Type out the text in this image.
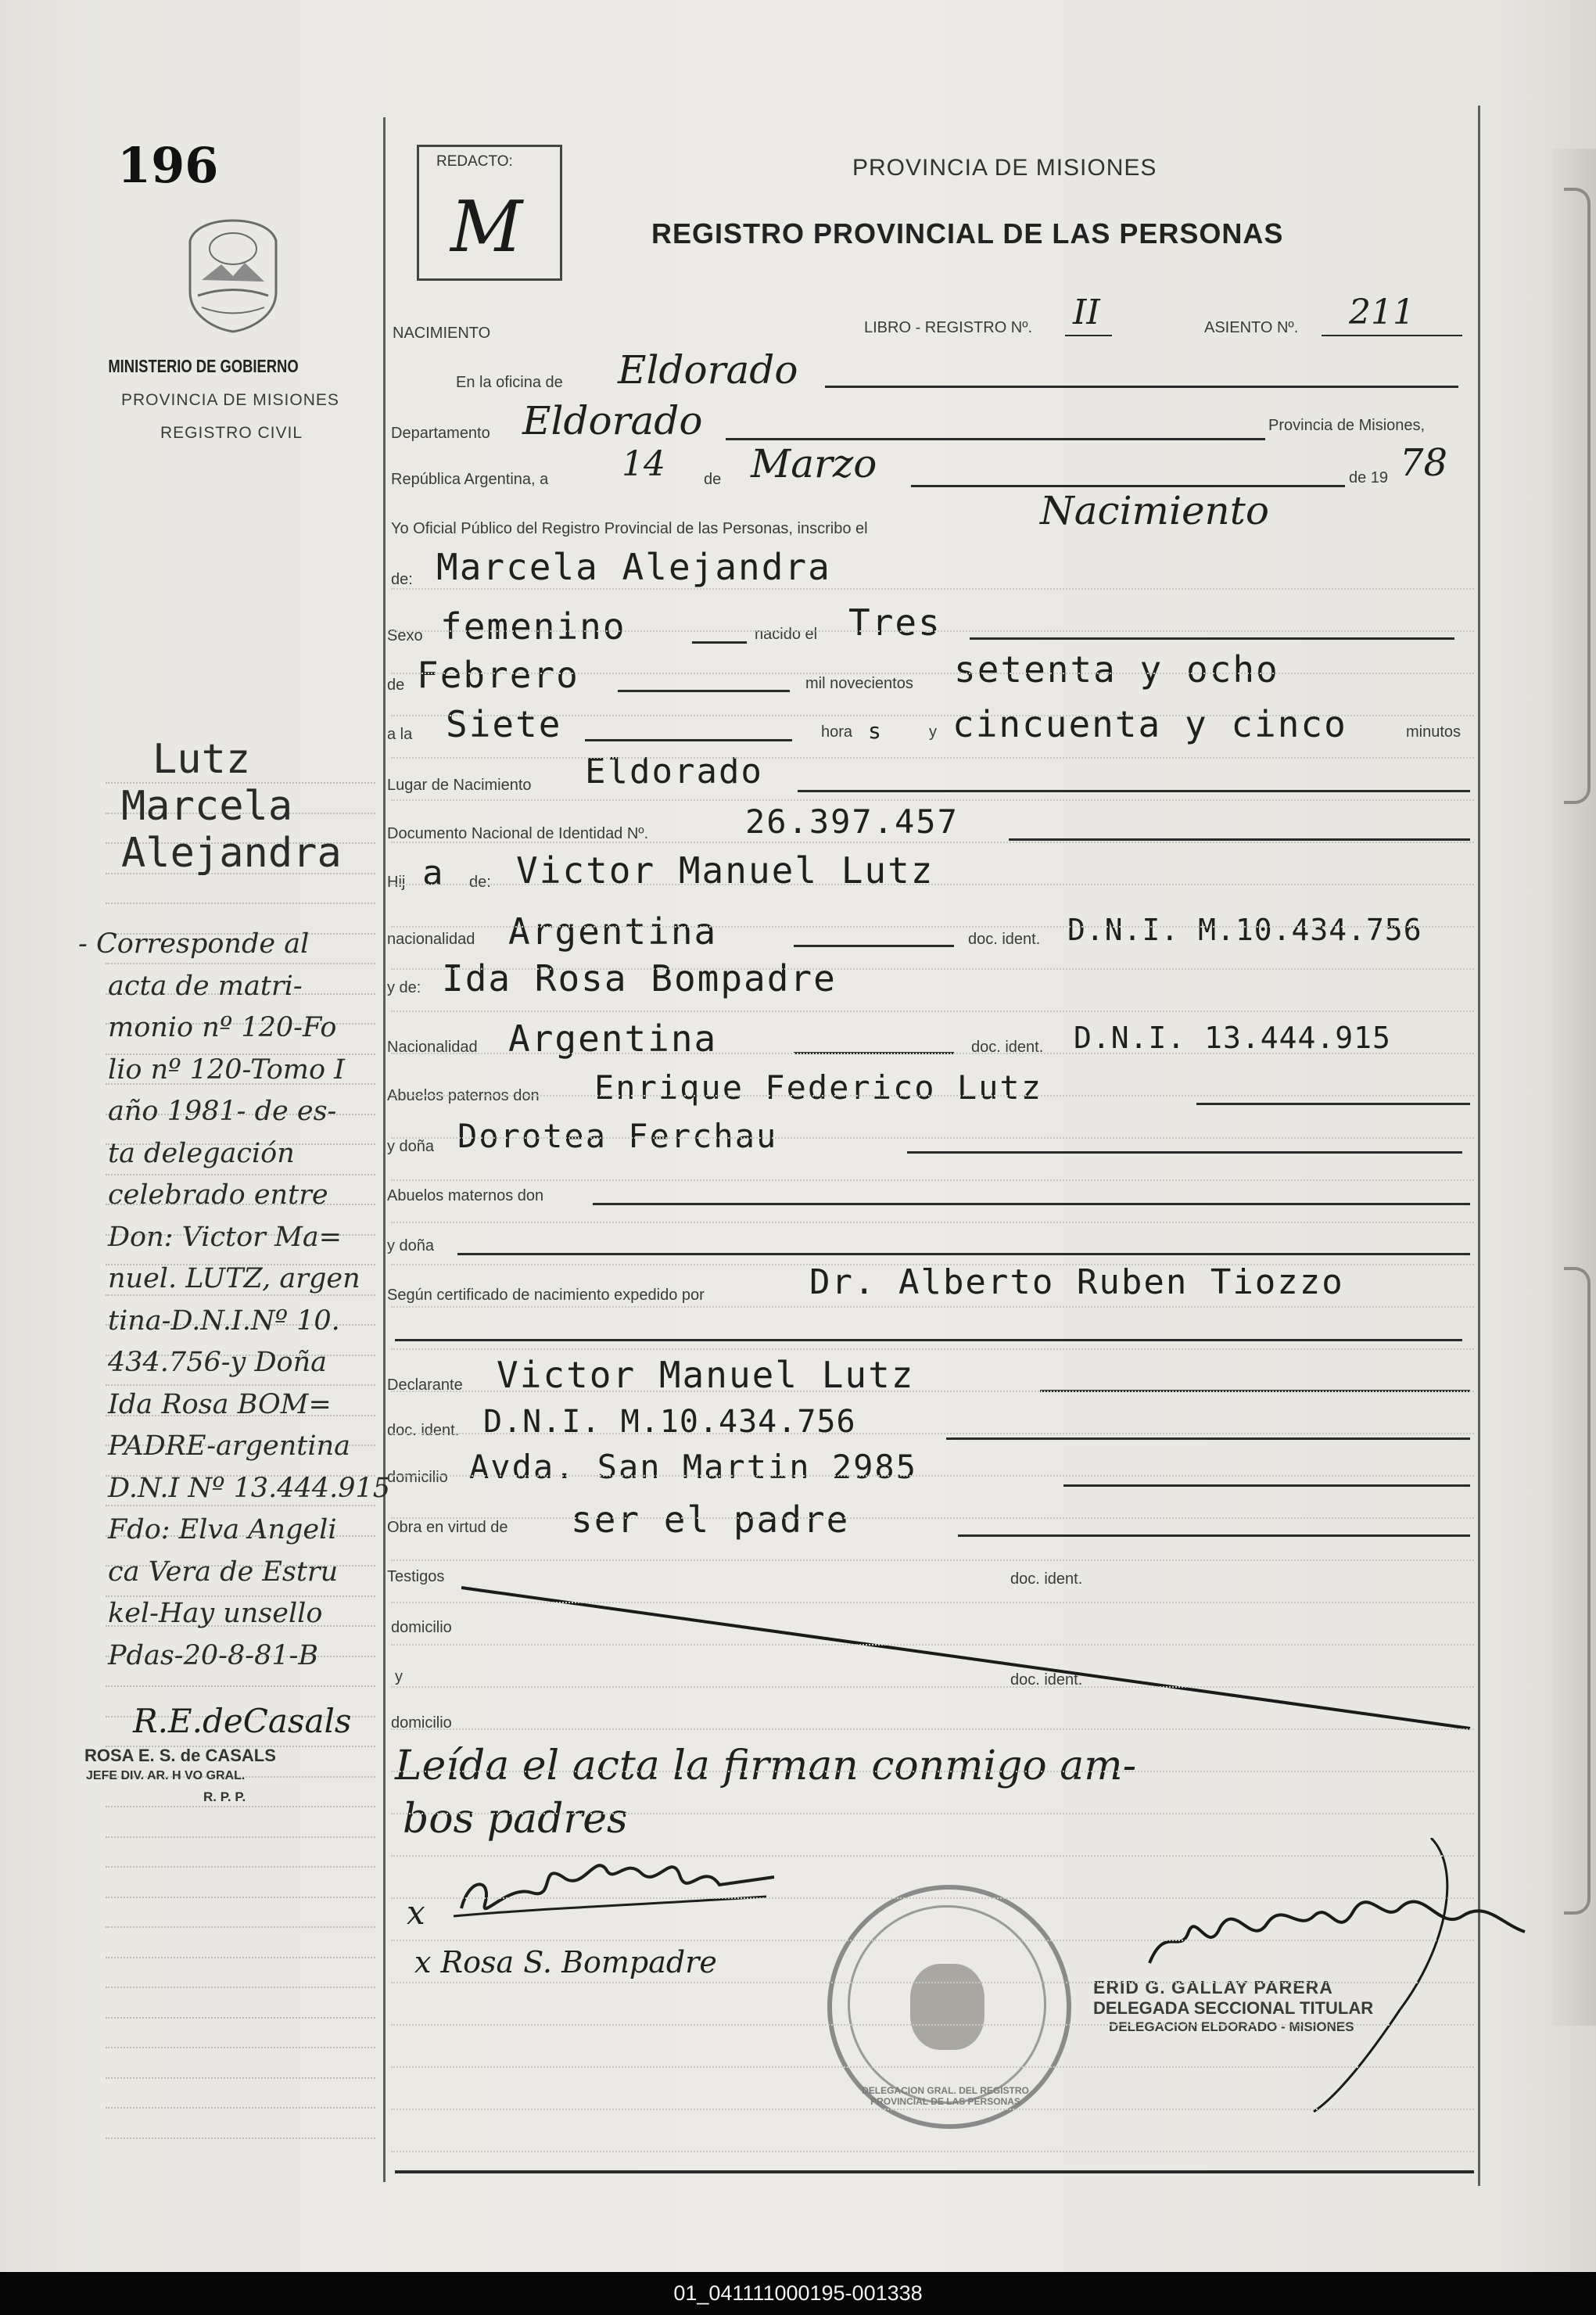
196
MINISTERIO DE GOBIERNO
PROVINCIA DE MISIONES
REGISTRO CIVIL
REDACTO:
M
PROVINCIA DE MISIONES
REGISTRO PROVINCIAL DE LAS PERSONAS
NACIMIENTO	LIBRO - REGISTRO Nº. II	ASIENTO Nº. 211
En la oficina de Eldorado
Departamento Eldorado	Provincia de Misiones,
República Argentina, a 14 de Marzo	de 19 78
Yo Oficial Público del Registro Provincial de las Personas, inscribo el	Nacimiento
de: Marcela Alejandra
Sexo femenino	nacido el Tres
de Febrero	mil novecientos setenta y ocho
a la Siete	hora s	y cincuenta y cinco	minutos
Lugar de Nacimiento Eldorado
Documento Nacional de Identidad Nº.	26.397.457
Hij a de: Victor Manuel Lutz
nacionalidad Argentina	doc. ident. D.N.I. M.10.434.756
y de: Ida Rosa Bompadre
Nacionalidad Argentina	doc. ident. D.N.I. 13.444.915
Abuelos paternos don Enrique Federico Lutz
y doña Dorotea Ferchau
Abuelos maternos don
y doña
Según certificado de nacimiento expedido por	Dr. Alberto Ruben Tiozzo
Declarante Victor Manuel Lutz
doc. ident. D.N.I. M.10.434.756
domicilio Avda. San Martin 2985
Obra en virtud de ser el padre
Testigos	doc. ident.
domicilio
y	doc. ident.
domicilio
Leída el acta la firman conmigo am-
bos padres
x
x Rosa S. Bompadre
DELEGACION GRAL. DEL REGISTRO PROVINCIAL DE LAS PERSONAS
ERID G. GALLAY PARERA
DELEGADA SECCIONAL TITULAR
DELEGACION ELDORADO - MISIONES
Lutz
Marcela
Alejandra
- Corresponde al
acta de matri-
monio nº 120-Fo
lio nº 120-Tomo I
año 1981- de es-
ta delegación
celebrado entre
Don: Victor Ma=
nuel. LUTZ, argen
tina-D.N.I.Nº 10.
434.756-y Doña
Ida Rosa BOM=
PADRE-argentina
D.N.I Nº 13.444.915
Fdo: Elva Angeli
ca Vera de Estru
kel-Hay unsello
Pdas-20-8-81-B
R.E.deCasals
ROSA E. S. de CASALS
JEFE DIV. AR. H VO GRAL.
R. P. P.
01_041111000195-001338
